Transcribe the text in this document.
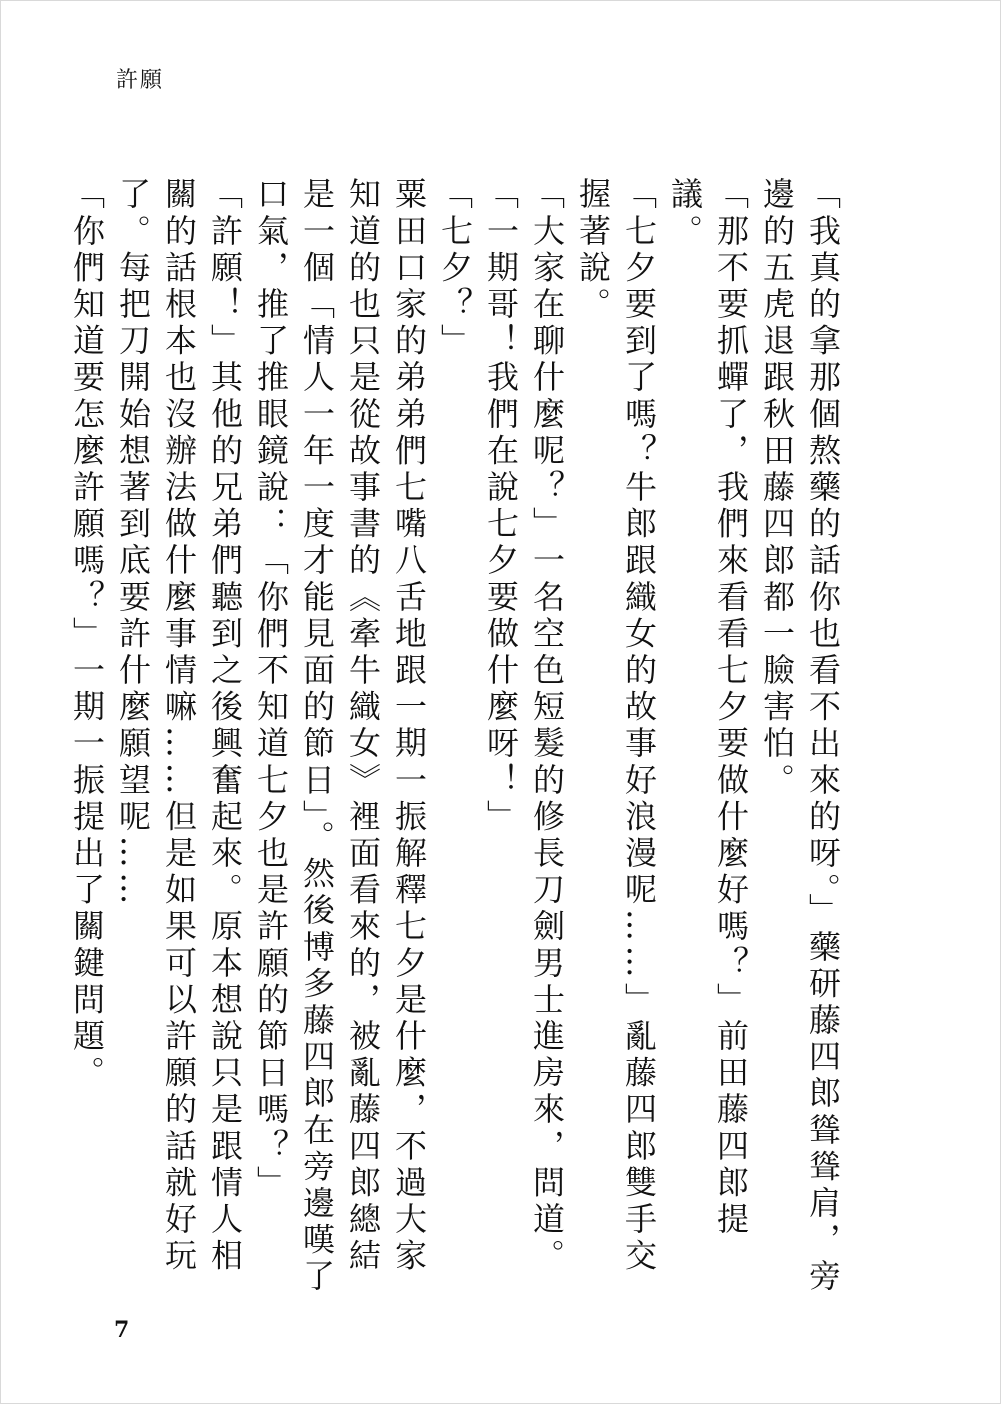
許願

「我真的拿那個熬藥的話你也看不出來的呀。」藥研藤四郎聳聳肩，旁邊的五虎退跟秋田藤四郎都一臉害怕。

「那不要抓蟬了，我們來看看七夕要做什麼好嗎？」前田藤四郎提議。

「七夕要到了嗎？牛郎跟織女的故事好浪漫呢……」亂藤四郎雙手交握著說。

「大家在聊什麼呢？」一名空色短髮的修長刀劍男士進房來，問道。

「一期哥！我們在說七夕要做什麼呀！」

「七夕？」

粟田口家的弟弟們七嘴八舌地跟一期一振解釋七夕是什麼，不過大家知道的也只是從故事書的《牽牛織女》裡面看來的，被亂藤四郎總結是一個「情人一年一度才能見面的節日」。然後博多藤四郎在旁邊嘆了口氣，推了推眼鏡說：「你們不知道七夕也是許願的節日嗎？」

「許願！」其他的兄弟們聽到之後興奮起來。原本想說只是跟情人相關的話根本也沒辦法做什麼事情嘛……但是如果可以許願的話就好玩了。每把刀開始想著到底要許什麼願望呢……

「你們知道要怎麼許願嗎？」一期一振提出了關鍵問題。

7
